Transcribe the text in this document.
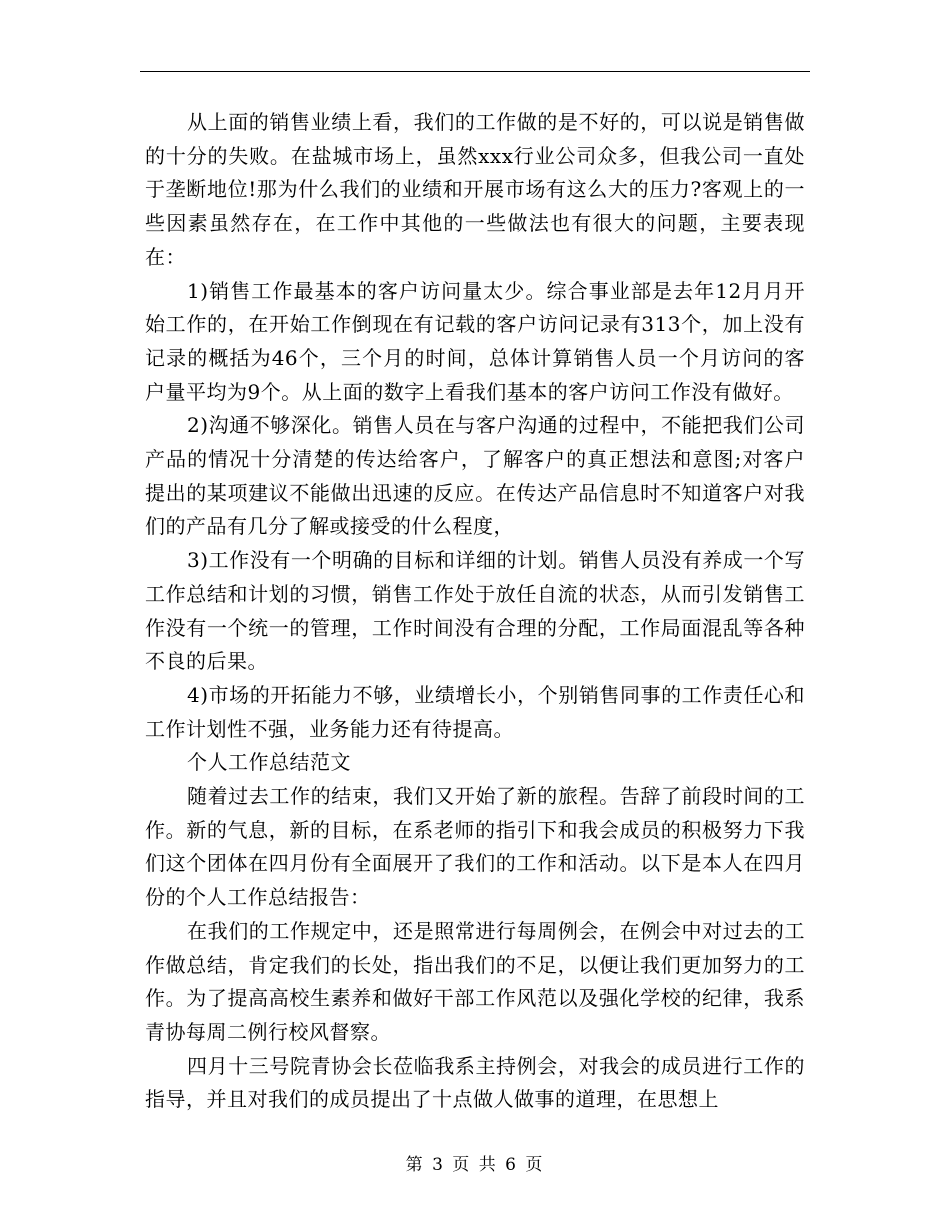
从上面的销售业绩上看，我们的工作做的是不好的，可以说是销售做的十分的失败。在盐城市场上，虽然xxx行业公司众多，但我公司一直处于垄断地位!那为什么我们的业绩和开展市场有这么大的压力?客观上的一些因素虽然存在，在工作中其他的一些做法也有很大的问题，主要表现在：

1)销售工作最基本的客户访问量太少。综合事业部是去年12月月开始工作的，在开始工作倒现在有记载的客户访问记录有313个，加上没有记录的概括为46个，三个月的时间，总体计算销售人员一个月访问的客户量平均为9个。从上面的数字上看我们基本的客户访问工作没有做好。

2)沟通不够深化。销售人员在与客户沟通的过程中，不能把我们公司产品的情况十分清楚的传达给客户，了解客户的真正想法和意图;对客户提出的某项建议不能做出迅速的反应。在传达产品信息时不知道客户对我们的产品有几分了解或接受的什么程度，

3)工作没有一个明确的目标和详细的计划。销售人员没有养成一个写工作总结和计划的习惯，销售工作处于放任自流的状态，从而引发销售工作没有一个统一的管理，工作时间没有合理的分配，工作局面混乱等各种不良的后果。

4)市场的开拓能力不够，业绩增长小，个别销售同事的工作责任心和工作计划性不强，业务能力还有待提高。

个人工作总结范文

随着过去工作的结束，我们又开始了新的旅程。告辞了前段时间的工作。新的气息，新的目标，在系老师的指引下和我会成员的积极努力下我们这个团体在四月份有全面展开了我们的工作和活动。以下是本人在四月份的个人工作总结报告：

在我们的工作规定中，还是照常进行每周例会，在例会中对过去的工作做总结，肯定我们的长处，指出我们的不足，以便让我们更加努力的工作。为了提高高校生素养和做好干部工作风范以及强化学校的纪律，我系青协每周二例行校风督察。

四月十三号院青协会长莅临我系主持例会，对我会的成员进行工作的指导，并且对我们的成员提出了十点做人做事的道理，在思想上

第 3 页 共 6 页
